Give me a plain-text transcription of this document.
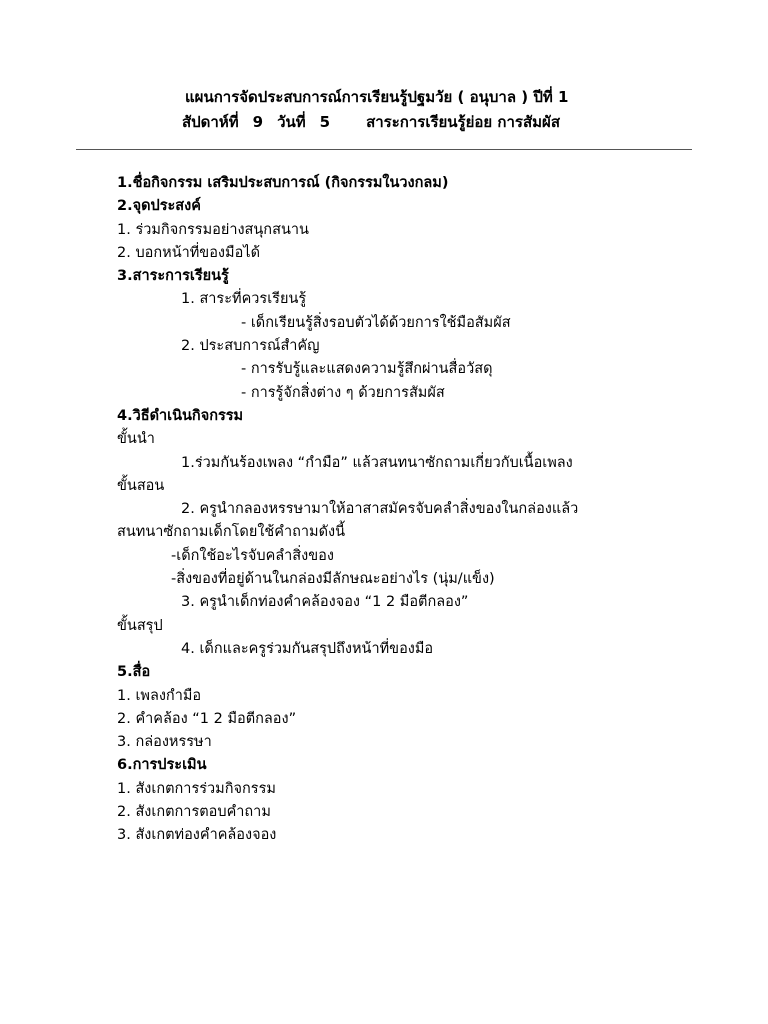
แผนการจัดประสบการณ์การเรียนรู้ปฐมวัย ( อนุบาล ) ปีที่ 1
สัปดาห์ที่ 9 วันที่ 5 สาระการเรียนรู้ย่อย การสัมผัส
1.ชื่อกิจกรรม เสริมประสบการณ์ (กิจกรรมในวงกลม)
2.จุดประสงค์
1. ร่วมกิจกรรมอย่างสนุกสนาน
2. บอกหน้าที่ของมือได้
3.สาระการเรียนรู้
1. สาระที่ควรเรียนรู้
- เด็กเรียนรู้สิ่งรอบตัวได้ด้วยการใช้มือสัมผัส
2. ประสบการณ์สำคัญ
- การรับรู้และแสดงความรู้สึกผ่านสื่อวัสดุ
- การรู้จักสิ่งต่าง ๆ ด้วยการสัมผัส
4.วิธีดำเนินกิจกรรม
ขั้นนำ
1.ร่วมกันร้องเพลง “กำมือ” แล้วสนทนาซักถามเกี่ยวกับเนื้อเพลง
ขั้นสอน
2. ครูนำกลองหรรษามาให้อาสาสมัครจับคลำสิ่งของในกล่องแล้ว
สนทนาซักถามเด็กโดยใช้คำถามดังนี้
-เด็กใช้อะไรจับคลำสิ่งของ
-สิ่งของที่อยู่ด้านในกล่องมีลักษณะอย่างไร (นุ่ม/แข็ง)
3. ครูนำเด็กท่องคำคล้องจอง “1 2 มือตีกลอง”
ขั้นสรุป
4. เด็กและครูร่วมกันสรุปถึงหน้าที่ของมือ
5.สื่อ
1. เพลงกำมือ
2. คำคล้อง “1 2 มือตีกลอง”
3. กล่องหรรษา
6.การประเมิน
1. สังเกตการร่วมกิจกรรม
2. สังเกตการตอบคำถาม
3. สังเกตท่องคำคล้องจอง
